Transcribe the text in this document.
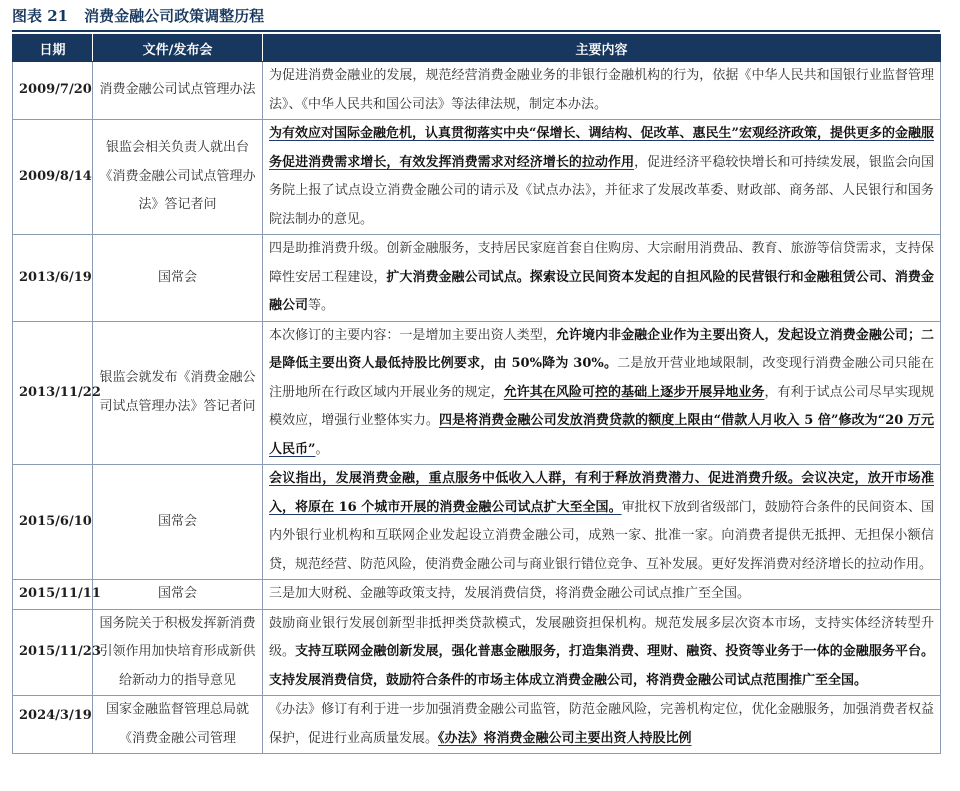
图表 21 消费金融公司政策调整历程
日期	文件/发布会	主要内容
2009/7/20	消费金融公司试点管理办法	为促进消费金融业的发展，规范经营消费金融业务的非银行金融机构的行为，依据《中华人民共和国银行业监督管理法》、《中华人民共和国公司法》等法律法规，制定本办法。
2009/8/14	银监会相关负责人就出台《消费金融公司试点管理办法》答记者问	为有效应对国际金融危机，认真贯彻落实中央“保增长、调结构、促改革、惠民生”宏观经济政策，提供更多的金融服务促进消费需求增长，有效发挥消费需求对经济增长的拉动作用，促进经济平稳较快增长和可持续发展，银监会向国务院上报了试点设立消费金融公司的请示及《试点办法》，并征求了发展改革委、财政部、商务部、人民银行和国务院法制办的意见。
2013/6/19	国常会	四是助推消费升级。创新金融服务，支持居民家庭首套自住购房、大宗耐用消费品、教育、旅游等信贷需求，支持保障性安居工程建设，扩大消费金融公司试点。探索设立民间资本发起的自担风险的民营银行和金融租赁公司、消费金融公司等。
2013/11/22	银监会就发布《消费金融公司试点管理办法》答记者问	本次修订的主要内容：一是增加主要出资人类型，允许境内非金融企业作为主要出资人，发起设立消费金融公司；二是降低主要出资人最低持股比例要求，由 50%降为 30%。二是放开营业地域限制，改变现行消费金融公司只能在注册地所在行政区域内开展业务的规定，允许其在风险可控的基础上逐步开展异地业务，有利于试点公司尽早实现规模效应，增强行业整体实力。四是将消费金融公司发放消费贷款的额度上限由“借款人月收入 5 倍”修改为“20 万元人民币”。
2015/6/10	国常会	会议指出，发展消费金融，重点服务中低收入人群，有利于释放消费潜力、促进消费升级。会议决定，放开市场准入，将原在 16 个城市开展的消费金融公司试点扩大至全国。审批权下放到省级部门，鼓励符合条件的民间资本、国内外银行业机构和互联网企业发起设立消费金融公司，成熟一家、批准一家。向消费者提供无抵押、无担保小额信贷，规范经营、防范风险，使消费金融公司与商业银行错位竞争、互补发展。更好发挥消费对经济增长的拉动作用。
2015/11/11	国常会	三是加大财税、金融等政策支持，发展消费信贷，将消费金融公司试点推广至全国。
2015/11/23	国务院关于积极发挥新消费引领作用加快培育形成新供给新动力的指导意见	鼓励商业银行发展创新型非抵押类贷款模式，发展融资担保机构。规范发展多层次资本市场，支持实体经济转型升级。支持互联网金融创新发展，强化普惠金融服务，打造集消费、理财、融资、投资等业务于一体的金融服务平台。支持发展消费信贷，鼓励符合条件的市场主体成立消费金融公司，将消费金融公司试点范围推广至全国。
2024/3/19	国家金融监督管理总局就《消费金融公司管理	《办法》修订有利于进一步加强消费金融公司监管，防范金融风险，完善机构定位，优化金融服务，加强消费者权益保护，促进行业高质量发展。《办法》将消费金融公司主要出资人持股比例
